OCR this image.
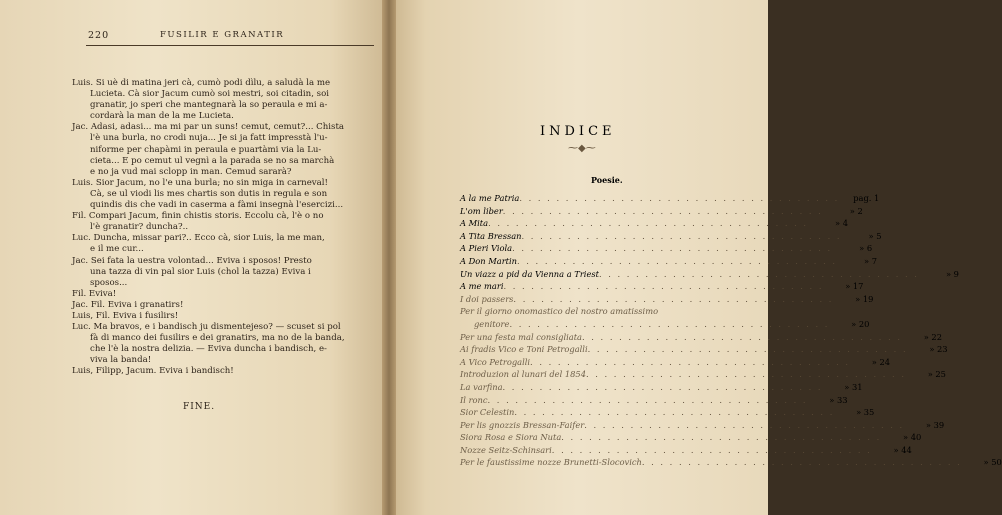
220	FUSILIR E GRANATIR
Luis. Si uè di matina jeri cà, cumò podi dìlu, a saludà la me
Lucieta. Cà sior Jacum cumò soi mestri, soi citadin, soi
granatir, jo speri che mantegnarà la so peraula e mi a-
cordarà la man de la me Lucieta.
Jac. Adasi, adasi... ma mi par un suns! cemut, cemut?... Chista
l'è una burla, no crodi nuja... Je si ja fatt impresstà l'u-
niforme per chapàmi in peraula e puartàmi via la Lu-
cieta... E po cemut ul vegnì a la parada se no sa marchà
e no ja vud mai sclopp in man. Cemud sararà?
Luis. Sior Jacum, no l'e una burla; no sin miga in carneval!
Cà, se ul viodi lis mes chartis son dutis in regula e son
quindis dis che vadi in caserma a fàmi insegnà l'esercizi...
Fil. Compari Jacum, finin chistis storis. Eccolu cà, l'è o no
l'è granatir? duncha?..
Luc. Duncha, missar pari?.. Ecco cà, sior Luis, la me man,
e il me cur...
Jac. Sei fata la uestra volontad... Eviva i sposos! Presto
una tazza di vin pal sior Luis (chol la tazza) Eviva i
sposos...
Fil. Eviva!
Jac. Fil. Eviva i granatirs!
Luis, Fil. Eviva i fusilirs!
Luc. Ma bravos, e i bandisch ju dismentejeso? — scuset si pol
fà di manco dei fusilirs e dei granatirs, ma no de la banda,
che l'è la nostra delizia. — Eviva duncha i bandisch, e-
viva la banda!
Luis, Filipp, Jacum. Eviva i bandisch!
FINE.
INDICE
⁓◆⁓
Poesie.
A la me Patria . . . . . . . . . . . . . . . . . . . . . . . . . . . . . . . . . . .	pag. 1
L'om liber . . . . . . . . . . . . . . . . . . . . . . . . . . . . . . . . . . .	» 2
A Mita . . . . . . . . . . . . . . . . . . . . . . . . . . . . . . . . . . .	» 4
A Tita Bressan . . . . . . . . . . . . . . . . . . . . . . . . . . . . . . . . . . .	» 5
A Pieri Viola . . . . . . . . . . . . . . . . . . . . . . . . . . . . . . . . . . .	» 6
A Don Martin . . . . . . . . . . . . . . . . . . . . . . . . . . . . . . . . . . .	» 7
Un viazz a pid da Vienna a Triest . . . . . . . . . . . . . . . . . . . . . . . . . . . . . . . . . . .	» 9
A me mari . . . . . . . . . . . . . . . . . . . . . . . . . . . . . . . . . . .	» 17
I doi passers . . . . . . . . . . . . . . . . . . . . . . . . . . . . . . . . . . .	» 19
Per il giorno onomastico del nostro amatissimo
genitore . . . . . . . . . . . . . . . . . . . . . . . . . . . . . . . . . . .	» 20
Per una festa mal consigliata . . . . . . . . . . . . . . . . . . . . . . . . . . . . . . . . . . .	» 22
Ai fradis Vico e Toni Petrogalli . . . . . . . . . . . . . . . . . . . . . . . . . . . . . . . . . . .	» 23
A Vico Petrogalli . . . . . . . . . . . . . . . . . . . . . . . . . . . . . . . . . . .	» 24
Introduzion al lunari del 1854 . . . . . . . . . . . . . . . . . . . . . . . . . . . . . . . . . . .	» 25
La varfina . . . . . . . . . . . . . . . . . . . . . . . . . . . . . . . . . . .	» 31
Il ronc . . . . . . . . . . . . . . . . . . . . . . . . . . . . . . . . . . .	» 33
Sior Celestin . . . . . . . . . . . . . . . . . . . . . . . . . . . . . . . . . . .	» 35
Per lis gnozzis Bressan-Faifer . . . . . . . . . . . . . . . . . . . . . . . . . . . . . . . . . . .	» 39
Siora Rosa e Siora Nuta . . . . . . . . . . . . . . . . . . . . . . . . . . . . . . . . . . .	» 40
Nozze Seitz-Schinsari . . . . . . . . . . . . . . . . . . . . . . . . . . . . . . . . . . .	» 44
Per le faustissime nozze Brunetti-Slocovich . . . . . . . . . . . . . . . . . . . . . . . . . . . . . . . . . . .	» 50
